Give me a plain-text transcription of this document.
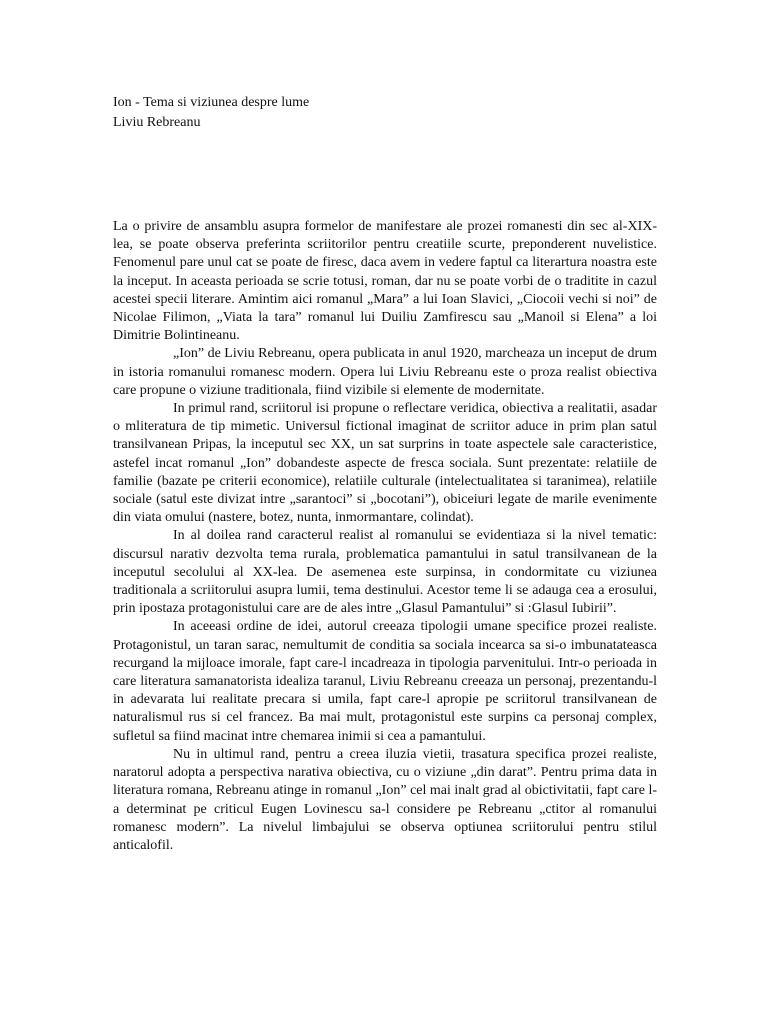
Ion - Tema si viziunea despre lume
Liviu Rebreanu

La o privire de ansamblu asupra formelor de manifestare ale prozei romanesti din sec al-XIX-lea, se poate observa preferinta scriitorilor pentru creatiile scurte, preponderent nuvelistice. Fenomenul pare unul cat se poate de firesc, daca avem in vedere faptul ca literartura noastra este la inceput. In aceasta perioada se scrie totusi, roman, dar nu se poate vorbi de o traditite in cazul acestei specii literare. Amintim aici romanul „Mara” a lui Ioan Slavici, „Ciocoii vechi si noi” de Nicolae Filimon, „Viata la tara” romanul lui Duiliu Zamfirescu sau „Manoil si Elena” a loi Dimitrie Bolintineanu.

„Ion” de Liviu Rebreanu, opera publicata in anul 1920, marcheaza un inceput de drum in istoria romanului romanesc modern. Opera lui Liviu Rebreanu este o proza realist obiectiva care propune o viziune traditionala, fiind vizibile si elemente de modernitate.

In primul rand, scriitorul isi propune o reflectare veridica, obiectiva a realitatii, asadar o mliteratura de tip mimetic. Universul fictional imaginat de scriitor aduce in prim plan satul transilvanean Pripas, la inceputul sec XX, un sat surprins in toate aspectele sale caracteristice, astefel incat romanul „Ion” dobandeste aspecte de fresca sociala. Sunt prezentate: relatiile de familie (bazate pe criterii economice), relatiile culturale (intelectualitatea si taranimea), relatiile sociale (satul este divizat intre „sarantoci” si „bocotani”), obiceiuri legate de marile evenimente din viata omului (nastere, botez, nunta, inmormantare, colindat).

In al doilea rand caracterul realist al romanului se evidentiaza si la nivel tematic: discursul narativ dezvolta tema rurala, problematica pamantului in satul transilvanean de la inceputul secolului al XX-lea. De asemenea este surpinsa, in condormitate cu viziunea traditionala a scriitorului asupra lumii, tema destinului. Acestor teme li se adauga cea a erosului, prin ipostaza protagonistului care are de ales intre „Glasul Pamantului” si :Glasul Iubirii”.

In aceeasi ordine de idei, autorul creeaza tipologii umane specifice prozei realiste. Protagonistul, un taran sarac, nemultumit de conditia sa sociala incearca sa si-o imbunatateasca recurgand la mijloace imorale, fapt care-l incadreaza in tipologia parvenitului. Intr-o perioada in care literatura samanatorista idealiza taranul, Liviu Rebreanu creeaza un personaj, prezentandu-l in adevarata lui realitate precara si umila, fapt care-l apropie pe scriitorul transilvanean de naturalismul rus si cel francez. Ba mai mult, protagonistul este surpins ca personaj complex, sufletul sa fiind macinat intre chemarea inimii si cea a pamantului.

Nu in ultimul rand, pentru a creea iluzia vietii, trasatura specifica prozei realiste, naratorul adopta a perspectiva narativa obiectiva, cu o viziune „din darat”. Pentru prima data in literatura romana, Rebreanu atinge in romanul „Ion” cel mai inalt grad al obictivitatii, fapt care l-a determinat pe criticul Eugen Lovinescu sa-l considere pe Rebreanu „ctitor al romanului romanesc modern”. La nivelul limbajului se observa optiunea scriitorului pentru stilul anticalofil.
